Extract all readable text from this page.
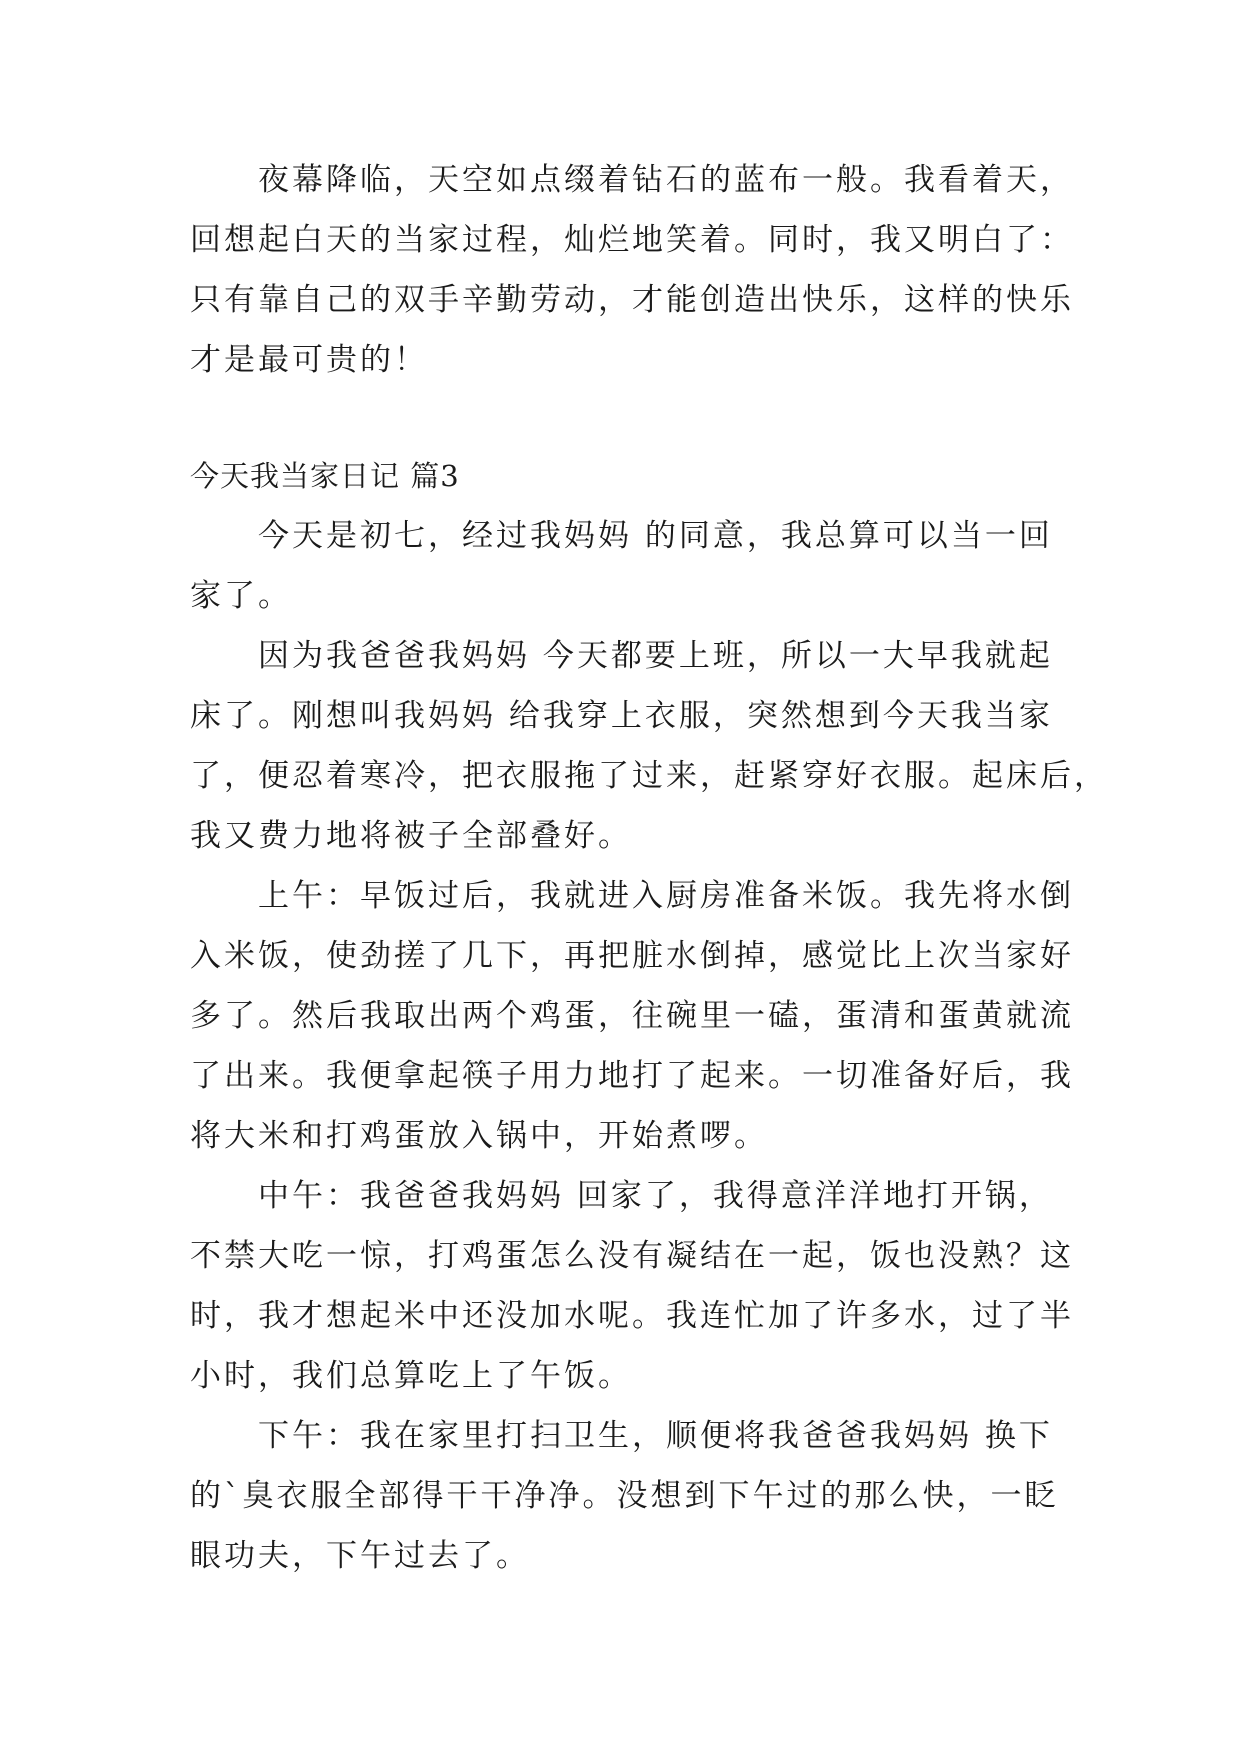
夜幕降临，天空如点缀着钻石的蓝布一般。我看着天，
回想起白天的当家过程，灿烂地笑着。同时，我又明白了：
只有靠自己的双手辛勤劳动，才能创造出快乐，这样的快乐
才是最可贵的！
今天我当家日记 篇3
今天是初七，经过我妈妈 的同意，我总算可以当一回
家了。
因为我爸爸我妈妈 今天都要上班，所以一大早我就起
床了。刚想叫我妈妈 给我穿上衣服，突然想到今天我当家
了，便忍着寒冷，把衣服拖了过来，赶紧穿好衣服。起床后，
我又费力地将被子全部叠好。
上午：早饭过后，我就进入厨房准备米饭。我先将水倒
入米饭，使劲搓了几下，再把脏水倒掉，感觉比上次当家好
多了。然后我取出两个鸡蛋，往碗里一磕，蛋清和蛋黄就流
了出来。我便拿起筷子用力地打了起来。一切准备好后，我
将大米和打鸡蛋放入锅中，开始煮啰。
中午：我爸爸我妈妈 回家了，我得意洋洋地打开锅，
不禁大吃一惊，打鸡蛋怎么没有凝结在一起，饭也没熟？这
时，我才想起米中还没加水呢。我连忙加了许多水，过了半
小时，我们总算吃上了午饭。
下午：我在家里打扫卫生，顺便将我爸爸我妈妈 换下
的`臭衣服全部得干干净净。没想到下午过的那么快，一眨
眼功夫，下午过去了。
